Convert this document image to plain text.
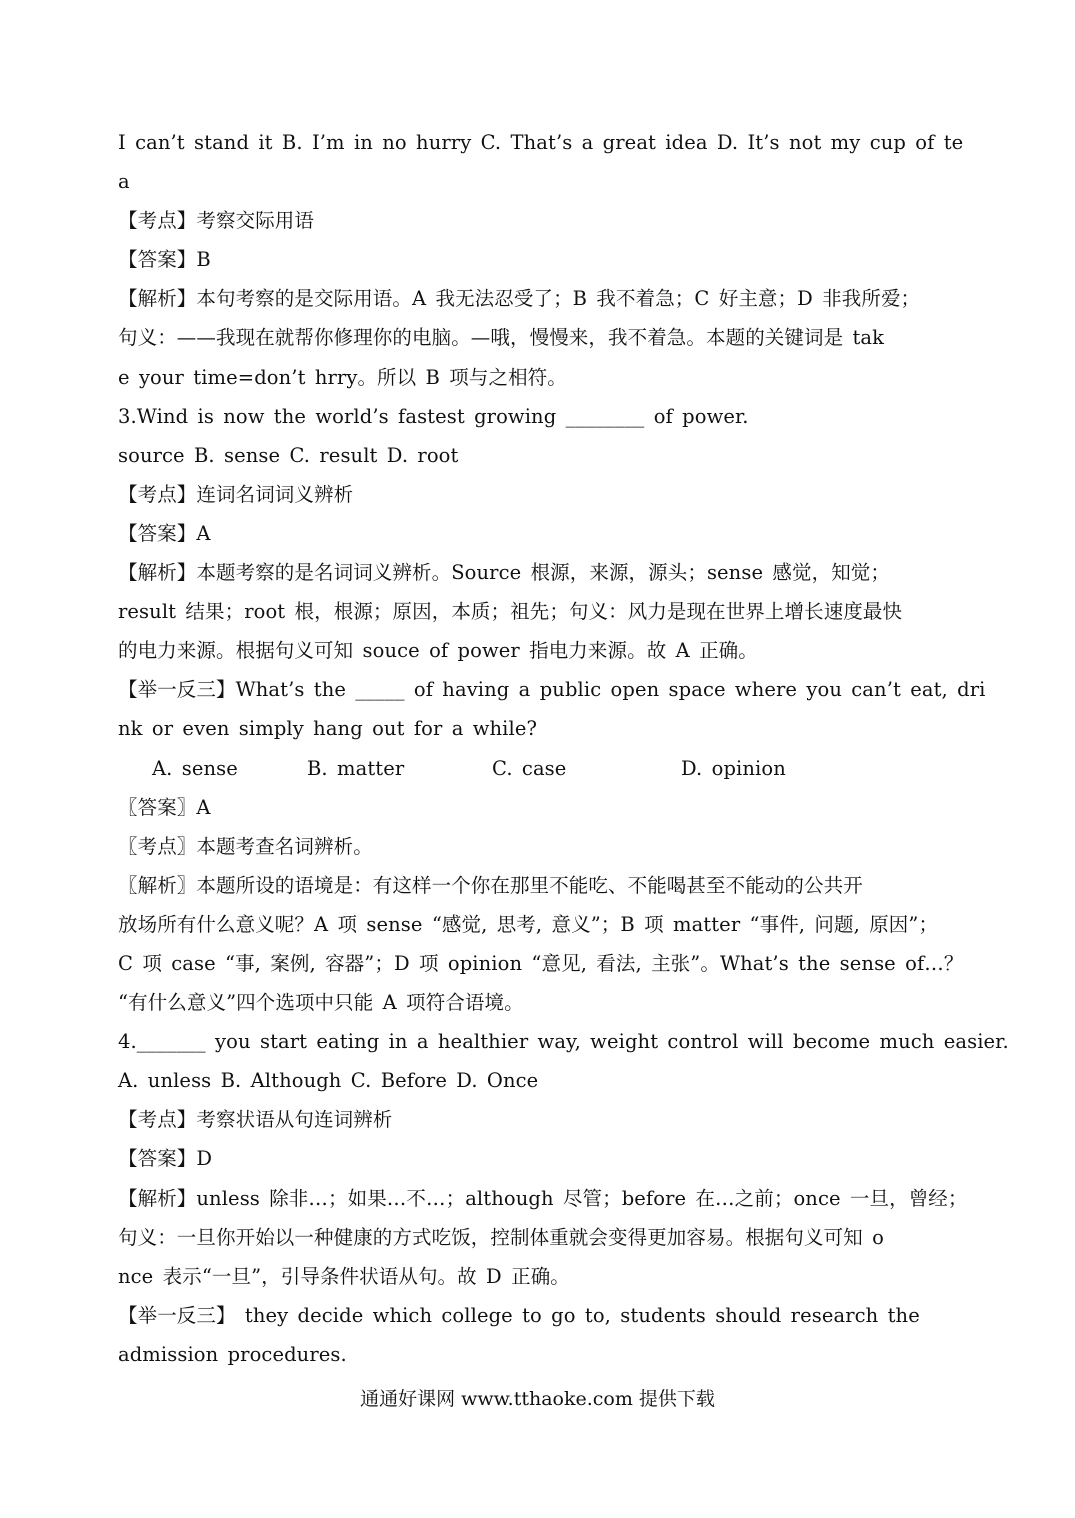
I can’t stand it B. I’m in no hurry C. That’s a great idea D. It’s not my cup of te
a
【考点】考察交际用语
【答案】B
【解析】本句考察的是交际用语。A 我无法忍受了；B 我不着急；C 好主意；D 非我所爱；
句义：——我现在就帮你修理你的电脑。—哦，慢慢来，我不着急。本题的关键词是 tak
e your time=don’t hrry。所以 B 项与之相符。
3.Wind is now the world’s fastest growing ________ of power.
source B. sense C. result D. root
【考点】连词名词词义辨析
【答案】A
【解析】本题考察的是名词词义辨析。Source 根源，来源，源头；sense 感觉，知觉；
result 结果；root 根，根源；原因，本质；祖先；句义：风力是现在世界上增长速度最快
的电力来源。根据句义可知 souce of power 指电力来源。故 A 正确。
【举一反三】What’s the _____ of having a public open space where you can’t eat, dri
nk or even simply hang out for a while?
A. sense	B. matter	C. case	D. opinion
〖答案〗A
〖考点〗本题考查名词辨析。
〖解析〗本题所设的语境是：有这样一个你在那里不能吃、不能喝甚至不能动的公共开
放场所有什么意义呢？A 项 sense “感觉, 思考, 意义”；B 项 matter “事件, 问题, 原因”；
C 项 case “事, 案例, 容器”；D 项 opinion “意见, 看法, 主张”。What’s the sense of…？
“有什么意义”四个选项中只能 A 项符合语境。
4._______ you start eating in a healthier way, weight control will become much easier.
A. unless B. Although C. Before D. Once
【考点】考察状语从句连词辨析
【答案】D
【解析】unless 除非…；如果…不…；although 尽管；before 在…之前；once 一旦，曾经；
句义：一旦你开始以一种健康的方式吃饭，控制体重就会变得更加容易。根据句义可知 o
nce 表示“一旦”，引导条件状语从句。故 D 正确。
【举一反三】 they decide which college to go to, students should research the
admission procedures.
通通好课网 www.tthaoke.com 提供下载
